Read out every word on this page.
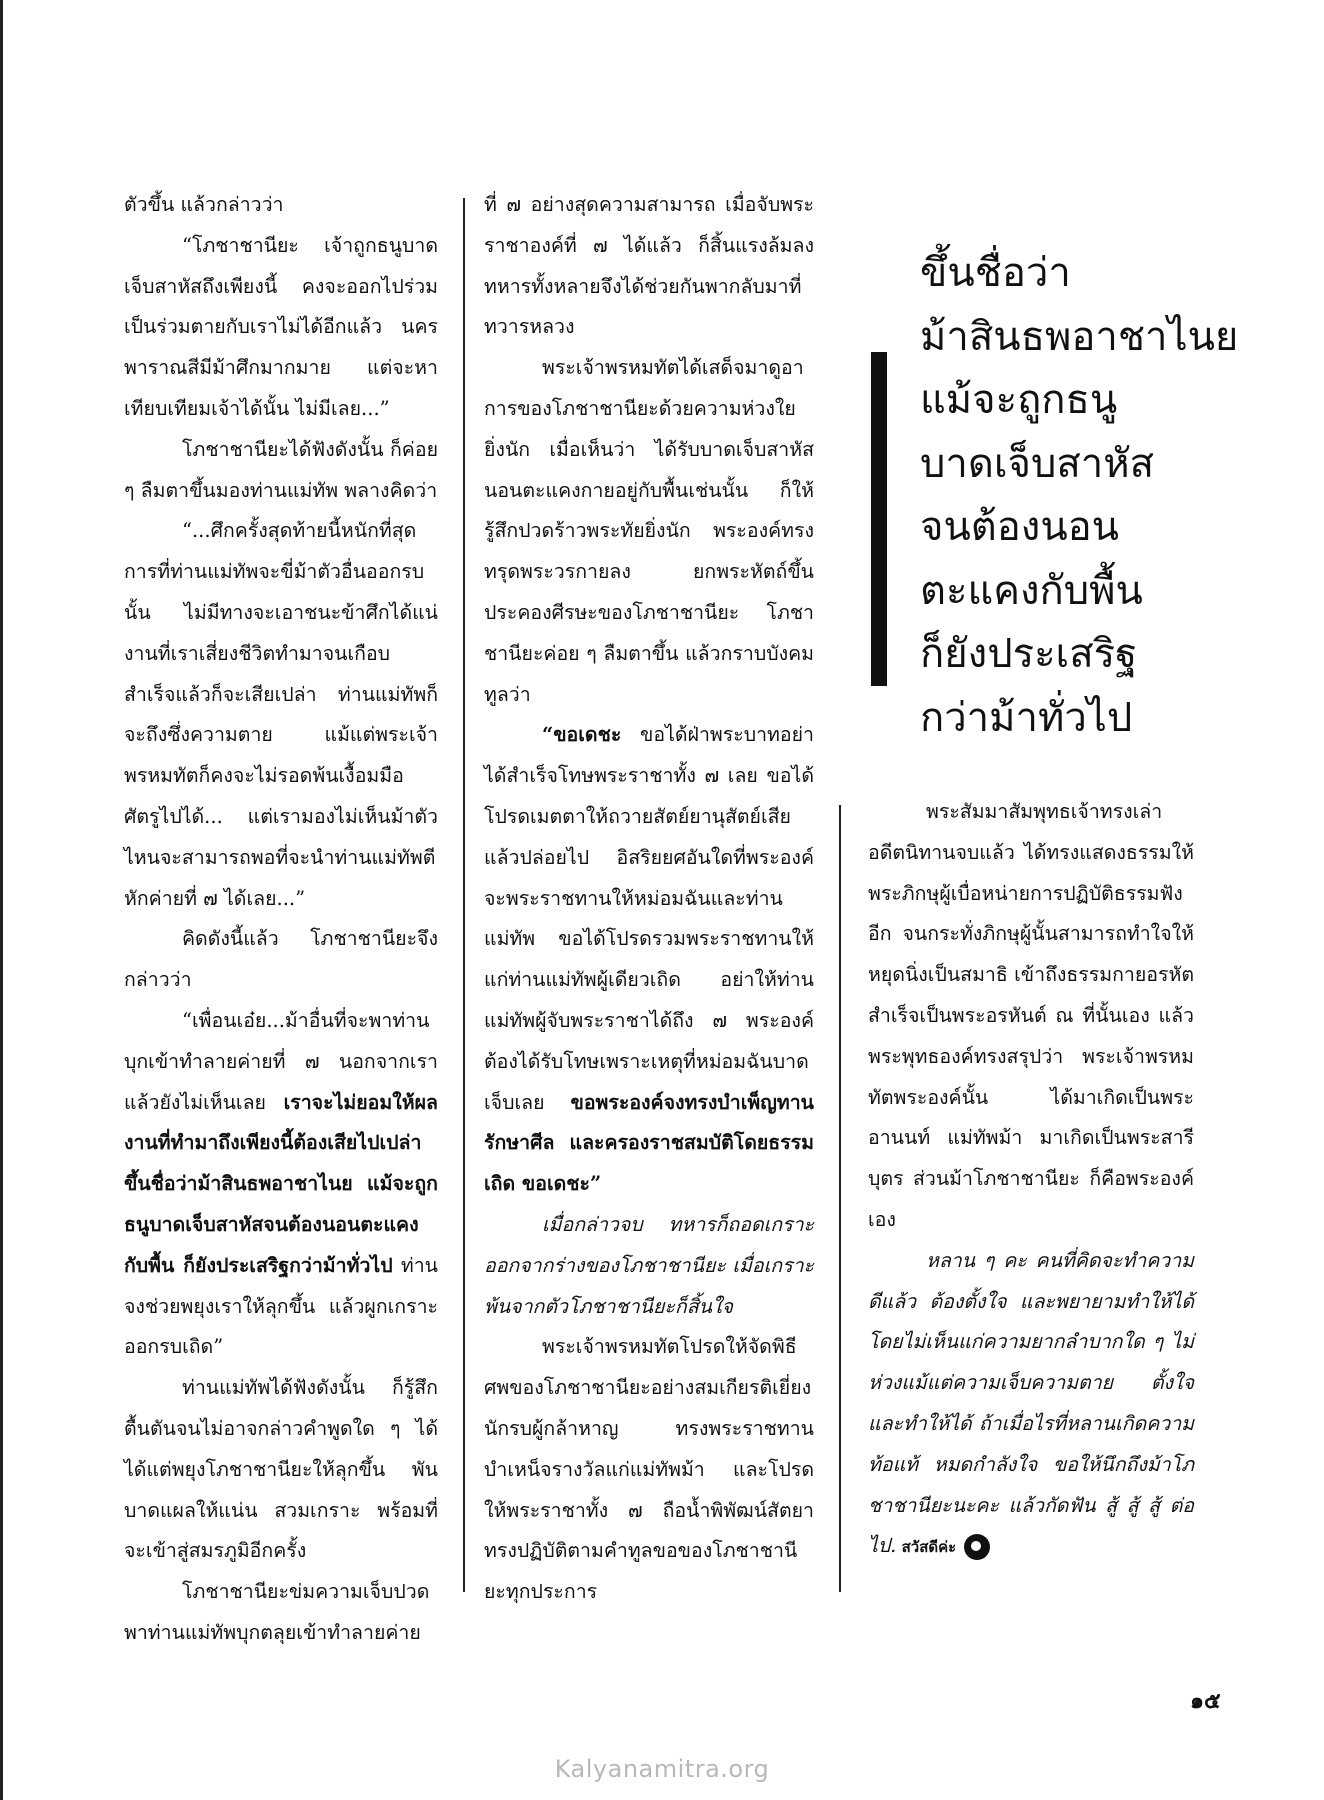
ตัวขึ้น แล้วกล่าวว่า

“โภชาชานียะ เจ้าถูกธนูบาดเจ็บสาหัสถึงเพียงนี้ คงจะออกไปร่วมเป็นร่วมตายกับเราไม่ได้อีกแล้ว นครพาราณสีมีม้าศึกมากมาย แต่จะหาเทียบเทียมเจ้าได้นั้น ไม่มีเลย...”

โภชาชานียะได้ฟังดังนั้น ก็ค่อย ๆ ลืมตาขึ้นมองท่านแม่ทัพ พลางคิดว่า

“...ศึกครั้งสุดท้ายนี้หนักที่สุด การที่ท่านแม่ทัพจะขี่ม้าตัวอื่นออกรบนั้น ไม่มีทางจะเอาชนะข้าศึกได้แน่ งานที่เราเสี่ยงชีวิตทำมาจนเกือบสำเร็จแล้วก็จะเสียเปล่า ท่านแม่ทัพก็จะถึงซึ่งความตาย แม้แต่พระเจ้าพรหมทัตก็คงจะไม่รอดพ้นเงื้อมมือศัตรูไปได้... แต่เรามองไม่เห็นม้าตัวไหนจะสามารถพอที่จะนำท่านแม่ทัพตีหักค่ายที่ ๗ ได้เลย...”

คิดดังนี้แล้ว โภชาชานียะจึงกล่าวว่า

“เพื่อนเอ๋ย...ม้าอื่นที่จะพาท่านบุกเข้าทำลายค่ายที่ ๗ นอกจากเราแล้วยังไม่เห็นเลย เราจะไม่ยอมให้ผลงานที่ทำมาถึงเพียงนี้ต้องเสียไปเปล่า ขึ้นชื่อว่าม้าสินธพอาชาไนย แม้จะถูกธนูบาดเจ็บสาหัสจนต้องนอนตะแคงกับพื้น ก็ยังประเสริฐกว่าม้าทั่วไป ท่านจงช่วยพยุงเราให้ลุกขึ้น แล้วผูกเกราะออกรบเถิด”

ท่านแม่ทัพได้ฟังดังนั้น ก็รู้สึกตื้นตันจนไม่อาจกล่าวคำพูดใด ๆ ได้ ได้แต่พยุงโภชาชานียะให้ลุกขึ้น พันบาดแผลให้แน่น สวมเกราะ พร้อมที่จะเข้าสู่สมรภูมิอีกครั้ง

โภชาชานียะข่มความเจ็บปวดพาท่านแม่ทัพบุกตลุยเข้าทำลายค่าย

ที่ ๗ อย่างสุดความสามารถ เมื่อจับพระราชาองค์ที่ ๗ ได้แล้ว ก็สิ้นแรงล้มลง ทหารทั้งหลายจึงได้ช่วยกันพากลับมาที่ทวารหลวง

พระเจ้าพรหมทัตได้เสด็จมาดูอาการของโภชาชานียะด้วยความห่วงใยยิ่งนัก เมื่อเห็นว่า ได้รับบาดเจ็บสาหัส นอนตะแคงกายอยู่กับพื้นเช่นนั้น ก็ให้รู้สึกปวดร้าวพระทัยยิ่งนัก พระองค์ทรงทรุดพระวรกายลง ยกพระหัตถ์ขึ้นประคองศีรษะของโภชาชานียะ โภชาชานียะค่อย ๆ ลืมตาขึ้น แล้วกราบบังคมทูลว่า

“ขอเดชะ ขอได้ฝ่าพระบาทอย่าได้สำเร็จโทษพระราชาทั้ง ๗ เลย ขอได้โปรดเมตตาให้ถวายสัตย์ยานุสัตย์เสียแล้วปล่อยไป อิสริยยศอันใดที่พระองค์จะพระราชทานให้หม่อมฉันและท่านแม่ทัพ ขอได้โปรดรวมพระราชทานให้แก่ท่านแม่ทัพผู้เดียวเถิด อย่าให้ท่านแม่ทัพผู้จับพระราชาได้ถึง ๗ พระองค์ต้องได้รับโทษเพราะเหตุที่หม่อมฉันบาดเจ็บเลย ขอพระองค์จงทรงบำเพ็ญทาน รักษาศีล และครองราชสมบัติโดยธรรมเถิด ขอเดชะ”

เมื่อกล่าวจบ ทหารก็ถอดเกราะออกจากร่างของโภชาชานียะ เมื่อเกราะพ้นจากตัวโภชาชานียะก็สิ้นใจ

พระเจ้าพรหมทัตโปรดให้จัดพิธีศพของโภชาชานียะอย่างสมเกียรติเยี่ยงนักรบผู้กล้าหาญ ทรงพระราชทานบำเหน็จรางวัลแก่แม่ทัพม้า และโปรดให้พระราชาทั้ง ๗ ถือน้ำพิพัฒน์สัตยาทรงปฏิบัติตามคำทูลขอของโภชาชานียะทุกประการ

ขึ้นชื่อว่า
ม้าสินธพอาชาไนย
แม้จะถูกธนู
บาดเจ็บสาหัส
จนต้องนอน
ตะแคงกับพื้น
ก็ยังประเสริฐ
กว่าม้าทั่วไป

พระสัมมาสัมพุทธเจ้าทรงเล่าอดีตนิทานจบแล้ว ได้ทรงแสดงธรรมให้พระภิกษุผู้เบื่อหน่ายการปฏิบัติธรรมฟังอีก จนกระทั่งภิกษุผู้นั้นสามารถทำใจให้หยุดนิ่งเป็นสมาธิ เข้าถึงธรรมกายอรหัต สำเร็จเป็นพระอรหันต์ ณ ที่นั้นเอง แล้วพระพุทธองค์ทรงสรุปว่า พระเจ้าพรหมทัตพระองค์นั้น ได้มาเกิดเป็นพระอานนท์ แม่ทัพม้า มาเกิดเป็นพระสารีบุตร ส่วนม้าโภชาชานียะ ก็คือพระองค์เอง

หลาน ๆ คะ คนที่คิดจะทำความดีแล้ว ต้องตั้งใจ และพยายามทำให้ได้โดยไม่เห็นแก่ความยากลำบากใด ๆ ไม่ห่วงแม้แต่ความเจ็บความตาย ตั้งใจและทำให้ได้ ถ้าเมื่อไรที่หลานเกิดความท้อแท้ หมดกำลังใจ ขอให้นึกถึงม้าโภชาชานียะนะคะ แล้วกัดฟัน สู้ สู้ สู้ ต่อไป. สวัสดีค่ะ

๑๕
Kalyanamitra.org
